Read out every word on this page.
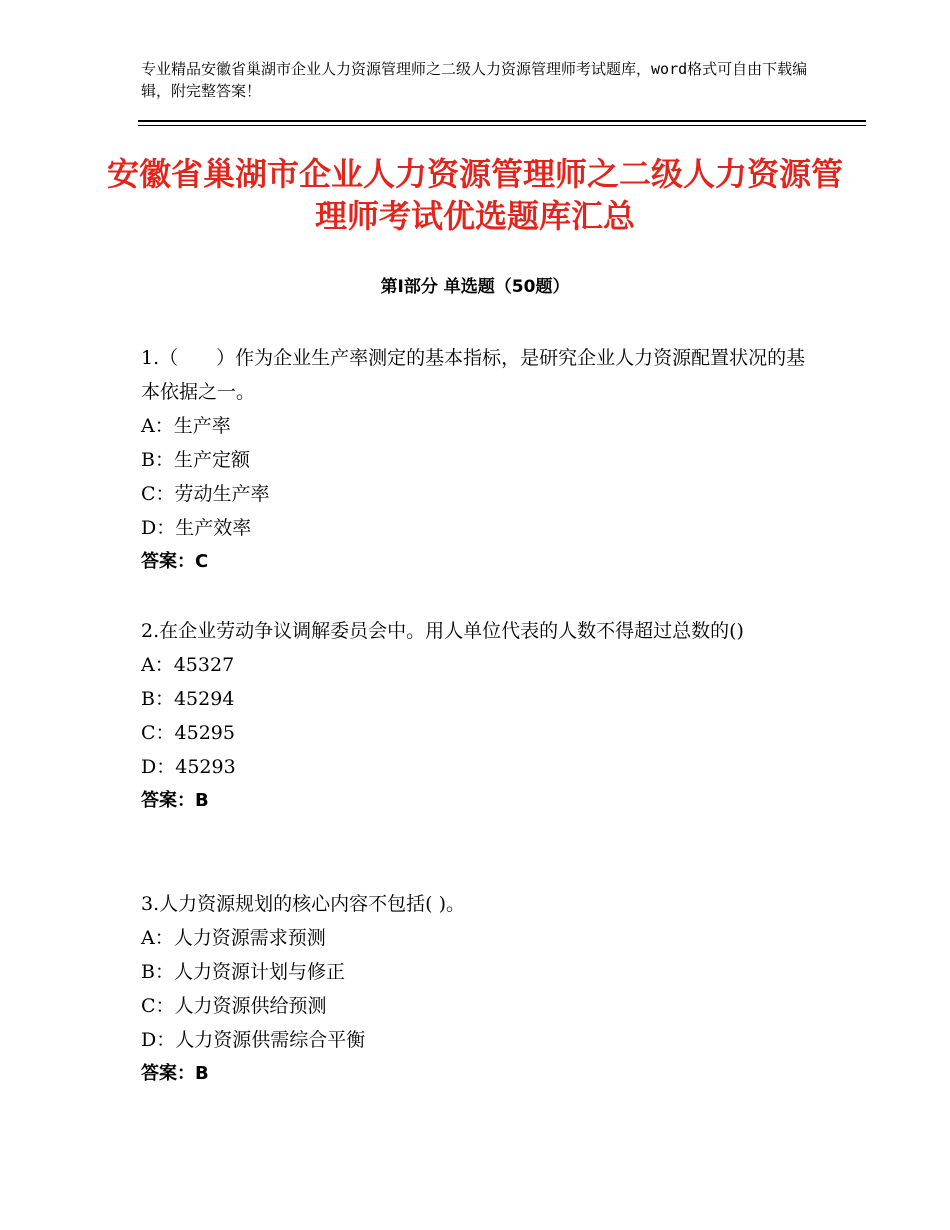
专业精品安徽省巢湖市企业人力资源管理师之二级人力资源管理师考试题库，word格式可自由下载编辑，附完整答案！
安徽省巢湖市企业人力资源管理师之二级人力资源管理师考试优选题库汇总
第I部分 单选题（50题）

1.（　　）作为企业生产率测定的基本指标，是研究企业人力资源配置状况的基本依据之一。

A：生产率

B：生产定额

C：劳动生产率

D：生产效率

答案：C

2.在企业劳动争议调解委员会中。用人单位代表的人数不得超过总数的()

A：45327

B：45294

C：45295

D：45293

答案：B

3.人力资源规划的核心内容不包括( )。

A：人力资源需求预测

B：人力资源计划与修正

C：人力资源供给预测

D：人力资源供需综合平衡

答案：B
